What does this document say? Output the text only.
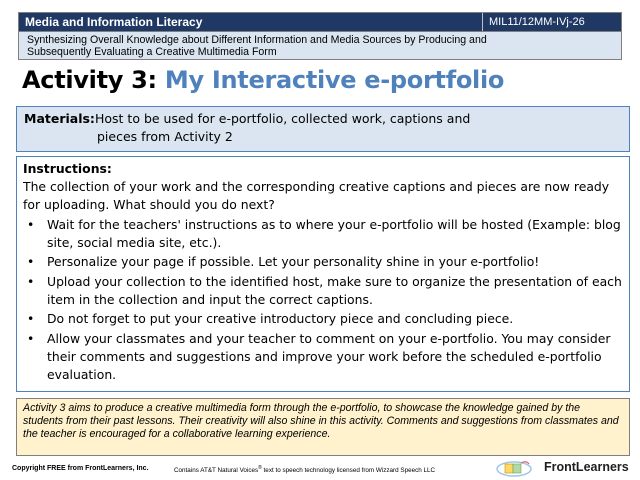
Media and Information Literacy	MIL11/12MM-IVj-26
Synthesizing Overall Knowledge about Different Information and Media Sources by Producing and
Subsequently Evaluating a Creative Multimedia Form
Activity 3: My Interactive e-portfolio
Materials: Host to be used for e-portfolio, collected work, captions and
pieces from Activity 2
Instructions:

The collection of your work and the corresponding creative captions and pieces are now ready for uploading. What should you do next?

• Wait for the teachers' instructions as to where your e-portfolio will be hosted (Example: blog site, social media site, etc.).
• Personalize your page if possible. Let your personality shine in your e-portfolio!
• Upload your collection to the identified host, make sure to organize the presentation of each item in the collection and input the correct captions.
• Do not forget to put your creative introductory piece and concluding piece.
• Allow your classmates and your teacher to comment on your e-portfolio. You may consider their comments and suggestions and improve your work before the scheduled e-portfolio evaluation.
Activity 3 aims to produce a creative multimedia form through the e-portfolio, to showcase the knowledge gained by the students from their past lessons. Their creativity will also shine in this activity. Comments and suggestions from classmates and the teacher is encouraged for a collaborative learning experience.
Copyright FREE from FrontLearners, Inc.	Contains AT&T Natural Voices® text to speech technology licensed from Wizzard Speech LLC	FrontLearners
